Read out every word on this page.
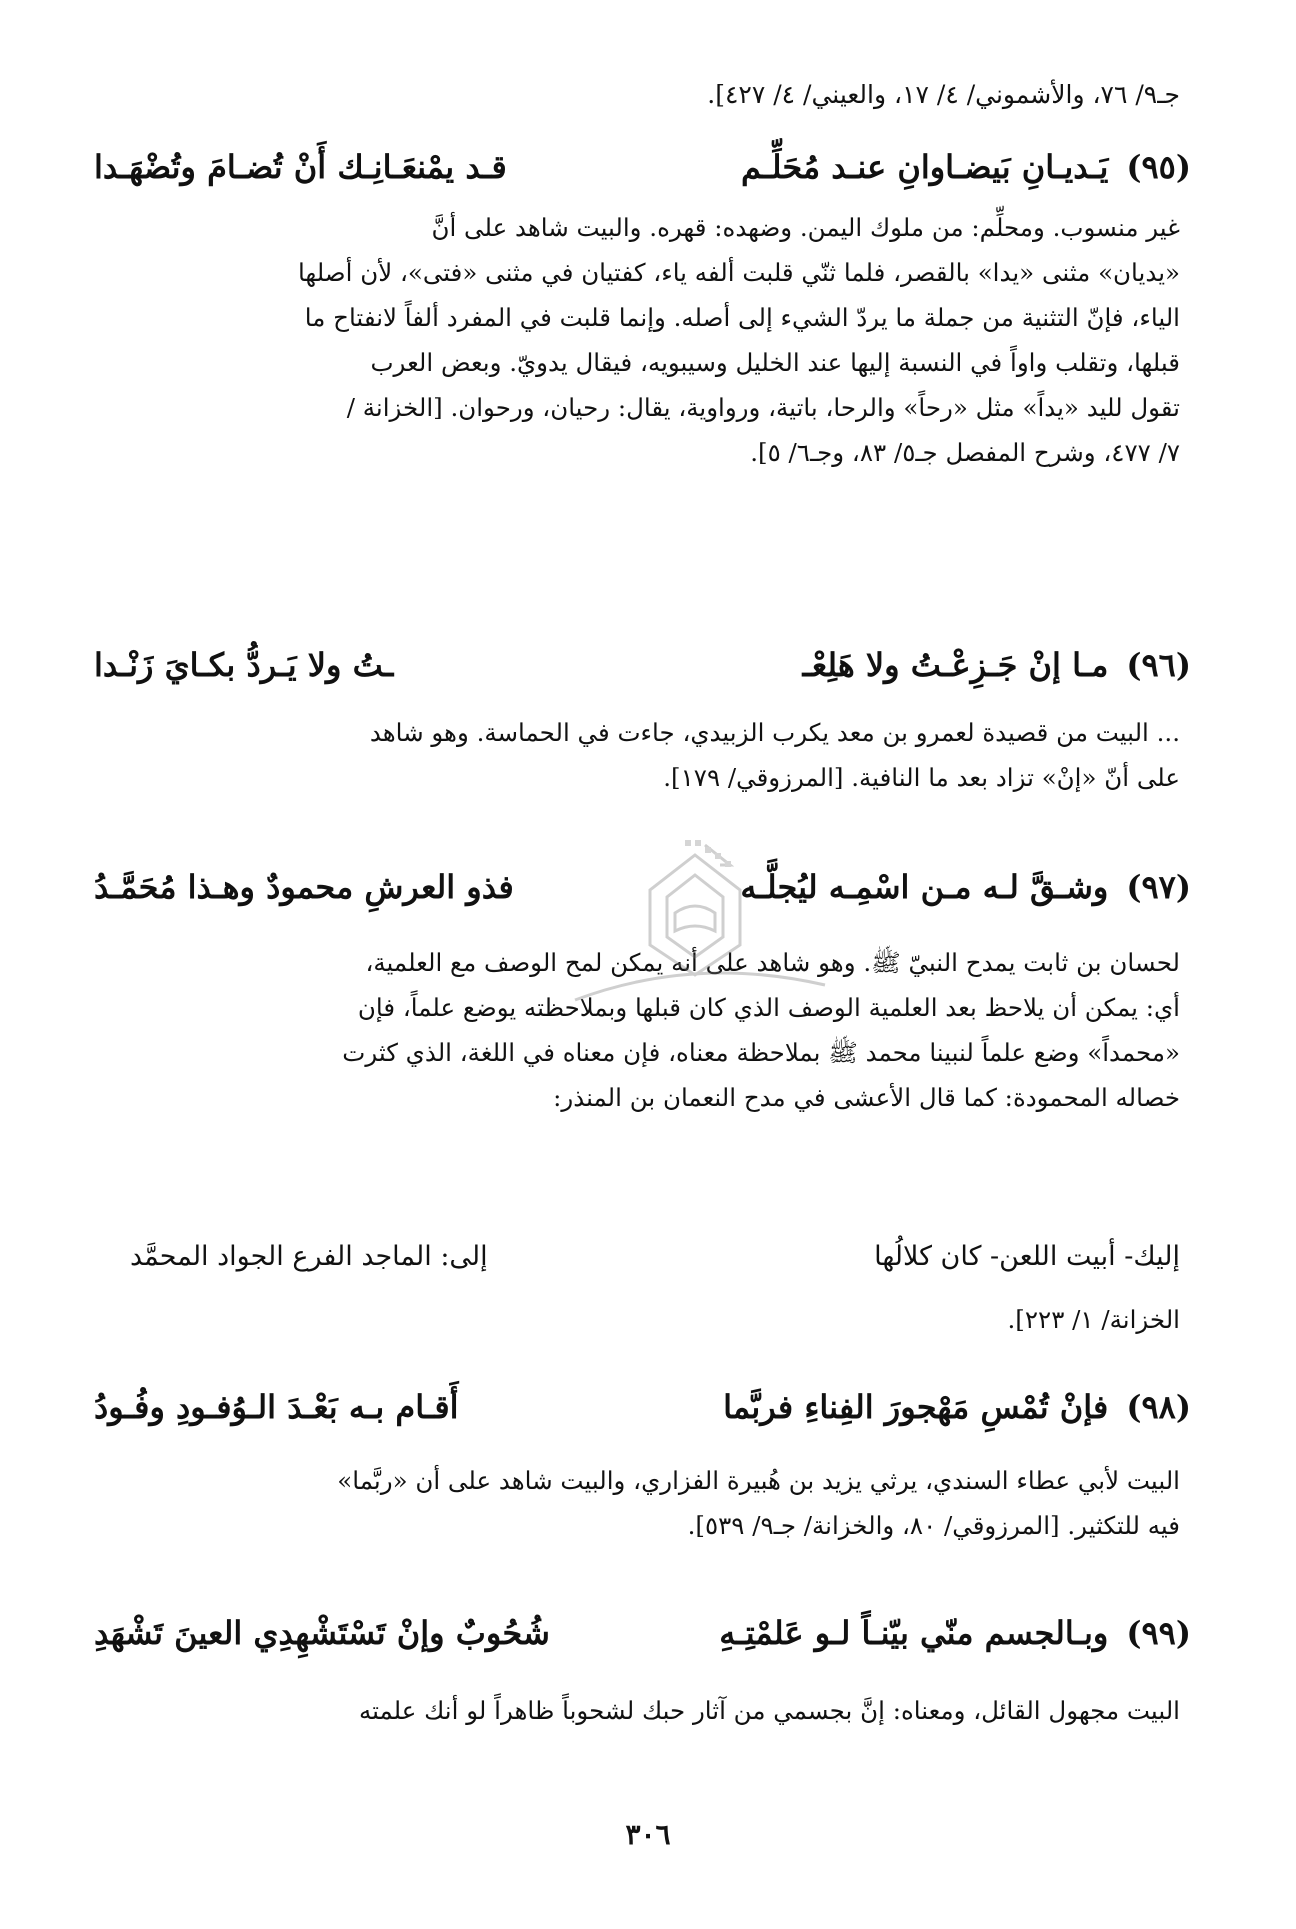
جـ٩/ ٧٦، والأشموني/ ٤/ ١٧، والعيني/ ٤/ ٤٢٧].
(٩٥)
يَـديـانِ بَيضـاوانِ عنـد مُحَلِّـم
قـد يمْنعَـانِـك أَنْ تُضـامَ وتُضْهَـدا
غير منسوب. ومحلِّم: من ملوك اليمن. وضهده: قهره. والبيت شاهد على أنَّ
«يديان» مثنى «يدا» بالقصر، فلما ثنّي قلبت ألفه ياء، كفتيان في مثنى «فتى»، لأن أصلها
الياء، فإنّ التثنية من جملة ما يردّ الشيء إلى أصله. وإنما قلبت في المفرد ألفاً لانفتاح ما
قبلها، وتقلب واواً في النسبة إليها عند الخليل وسيبويه، فيقال يدويّ. وبعض العرب
تقول لليد «يداً» مثل «رحاً» والرحا، باتية، ورواوية، يقال: رحيان، ورحوان. [الخزانة /
٧/ ٤٧٧، وشرح المفصل جـ٥/ ٨٣، وجـ٦/ ٥].
(٩٦)
مـا إنْ جَـزِعْـتُ ولا هَلِعْـ
ـتُ ولا يَـردُّ بكـايَ زَنْـدا
... البيت من قصيدة لعمرو بن معد يكرب الزبيدي، جاءت في الحماسة. وهو شاهد
على أنّ «إنْ» تزاد بعد ما النافية. [المرزوقي/ ١٧٩].
(٩٧)
وشـقَّ لـه مـن اسْمِـه ليُجلَّـه
فذو العرشِ محمودٌ وهـذا مُحَمَّـدُ
لحسان بن ثابت يمدح النبيّ ﷺ. وهو شاهد على أنه يمكن لمح الوصف مع العلمية،
أي: يمكن أن يلاحظ بعد العلمية الوصف الذي كان قبلها وبملاحظته يوضع علماً، فإن
«محمداً» وضع علماً لنبينا محمد ﷺ بملاحظة معناه، فإن معناه في اللغة، الذي كثرت
خصاله المحمودة: كما قال الأعشى في مدح النعمان بن المنذر:
إليك- أبيت اللعن- كان كلالُها
إلى: الماجد الفرع الجواد المحمَّد
الخزانة/ ١/ ٢٢٣].
(٩٨)
فإنْ تُمْسِ مَهْجورَ الفِناءِ فربَّما
أَقـام بـه بَعْـدَ الـوُفـودِ وفُـودُ
البيت لأبي عطاء السندي، يرثي يزيد بن هُبيرة الفزاري، والبيت شاهد على أن «ربَّما»
فيه للتكثير. [المرزوقي/ ٨٠، والخزانة/ جـ٩/ ٥٣٩].
(٩٩)
وبـالجسم منّي بيّنـاً لـو عَلمْتِـهِ
شُحُوبٌ وإنْ تَسْتَشْهِدِي العينَ تَشْهَدِ
البيت مجهول القائل، ومعناه: إنَّ بجسمي من آثار حبك لشحوباً ظاهراً لو أنك علمته
٣٠٦
